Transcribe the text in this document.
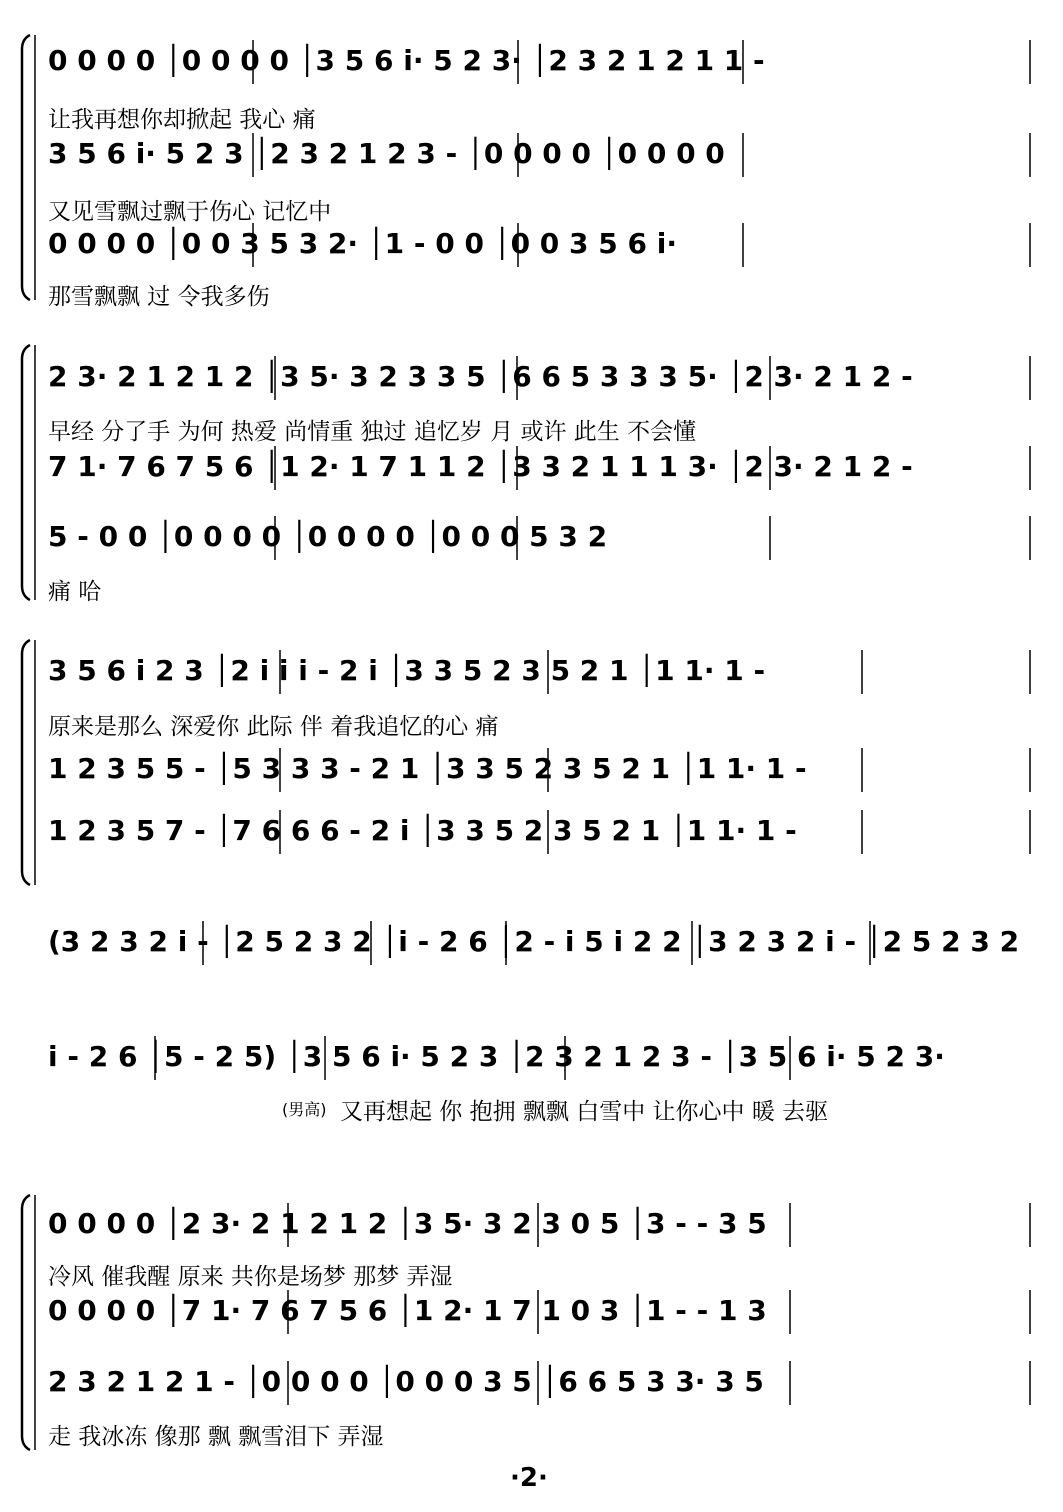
0 0 0 0 │0 0 0 0 │3 5 6 i· 5 2 3· │2 3 2 1 2 1 1 -
让我再想你却掀起 我心 痛
3 5 6 i· 5 2 3 │2 3 2 1 2 3 - │0 0 0 0 │0 0 0 0
又见雪飘过飘于伤心 记忆中
0 0 0 0 │0 0 3 5 3 2· │1 - 0 0 │0 0 3 5 6 i·
那雪飘飘 过 令我多伤
2 3· 2 1 2 1 2 │3 5· 3 2 3 3 5 │6 6 5 3 3 3 5· │2 3· 2 1 2 -
早经 分了手 为何 热爱 尚情重 独过 追忆岁 月 或许 此生 不会懂
7 1· 7 6 7 5 6 │1 2· 1 7 1 1 2 │3 3 2 1 1 1 3· │2 3· 2 1 2 -
5 - 0 0 │0 0 0 0 │0 0 0 0 │0 0 0 5 3 2
痛 哈
3 5 6 i 2 3 │2 i i i - 2 i │3 3 5 2 3 5 2 1 │1 1· 1 -
原来是那么 深爱你 此际 伴 着我追忆的心 痛
1 2 3 5 5 - │5 3 3 3 - 2 1 │3 3 5 2 3 5 2 1 │1 1· 1 -
1 2 3 5 7 - │7 6 6 6 - 2 i │3 3 5 2 3 5 2 1 │1 1· 1 -
(3 2 3 2 i - │2 5 2 3 2 │i - 2 6 │2 - i 5 i 2 2 │3 2 3 2 i - │2 5 2 3 2
i - 2 6 │5 - 2 5) │3 5 6 i· 5 2 3 │2 3 2 1 2 3 - │3 5 6 i· 5 2 3·
又再想起 你 抱拥 飘飘 白雪中 让你心中 暖 去驱
(男高)
0 0 0 0 │2 3· 2 1 2 1 2 │3 5· 3 2 3 0 5 │3 - - 3 5
冷风 催我醒 原来 共你是场梦 那梦 弄湿
0 0 0 0 │7 1· 7 6 7 5 6 │1 2· 1 7 1 0 3 │1 - - 1 3
2 3 2 1 2 1 - │0 0 0 0 │0 0 0 3 5 │6 6 5 3 3· 3 5
走 我冰冻 像那 飘 飘雪泪下 弄湿
·2·
